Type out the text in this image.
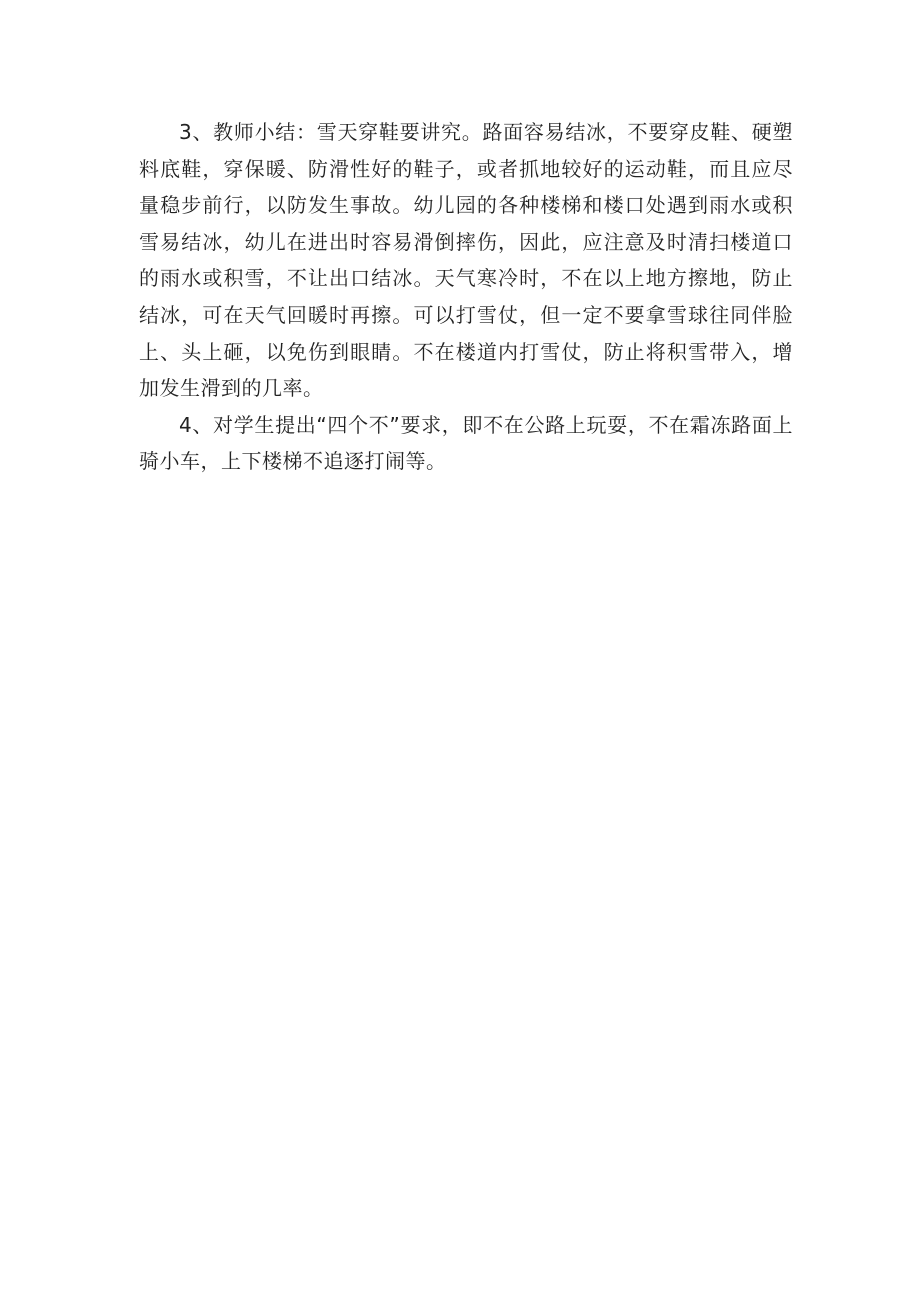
3、教师小结：雪天穿鞋要讲究。路面容易结冰，不要穿皮鞋、硬塑料底鞋，穿保暖、防滑性好的鞋子，或者抓地较好的运动鞋，而且应尽量稳步前行，以防发生事故。幼儿园的各种楼梯和楼口处遇到雨水或积雪易结冰，幼儿在进出时容易滑倒摔伤，因此，应注意及时清扫楼道口的雨水或积雪，不让出口结冰。天气寒冷时，不在以上地方擦地，防止结冰，可在天气回暖时再擦。可以打雪仗，但一定不要拿雪球往同伴脸上、头上砸，以免伤到眼睛。不在楼道内打雪仗，防止将积雪带入，增加发生滑到的几率。

4、对学生提出“四个不”要求，即不在公路上玩耍，不在霜冻路面上骑小车，上下楼梯不追逐打闹等。
